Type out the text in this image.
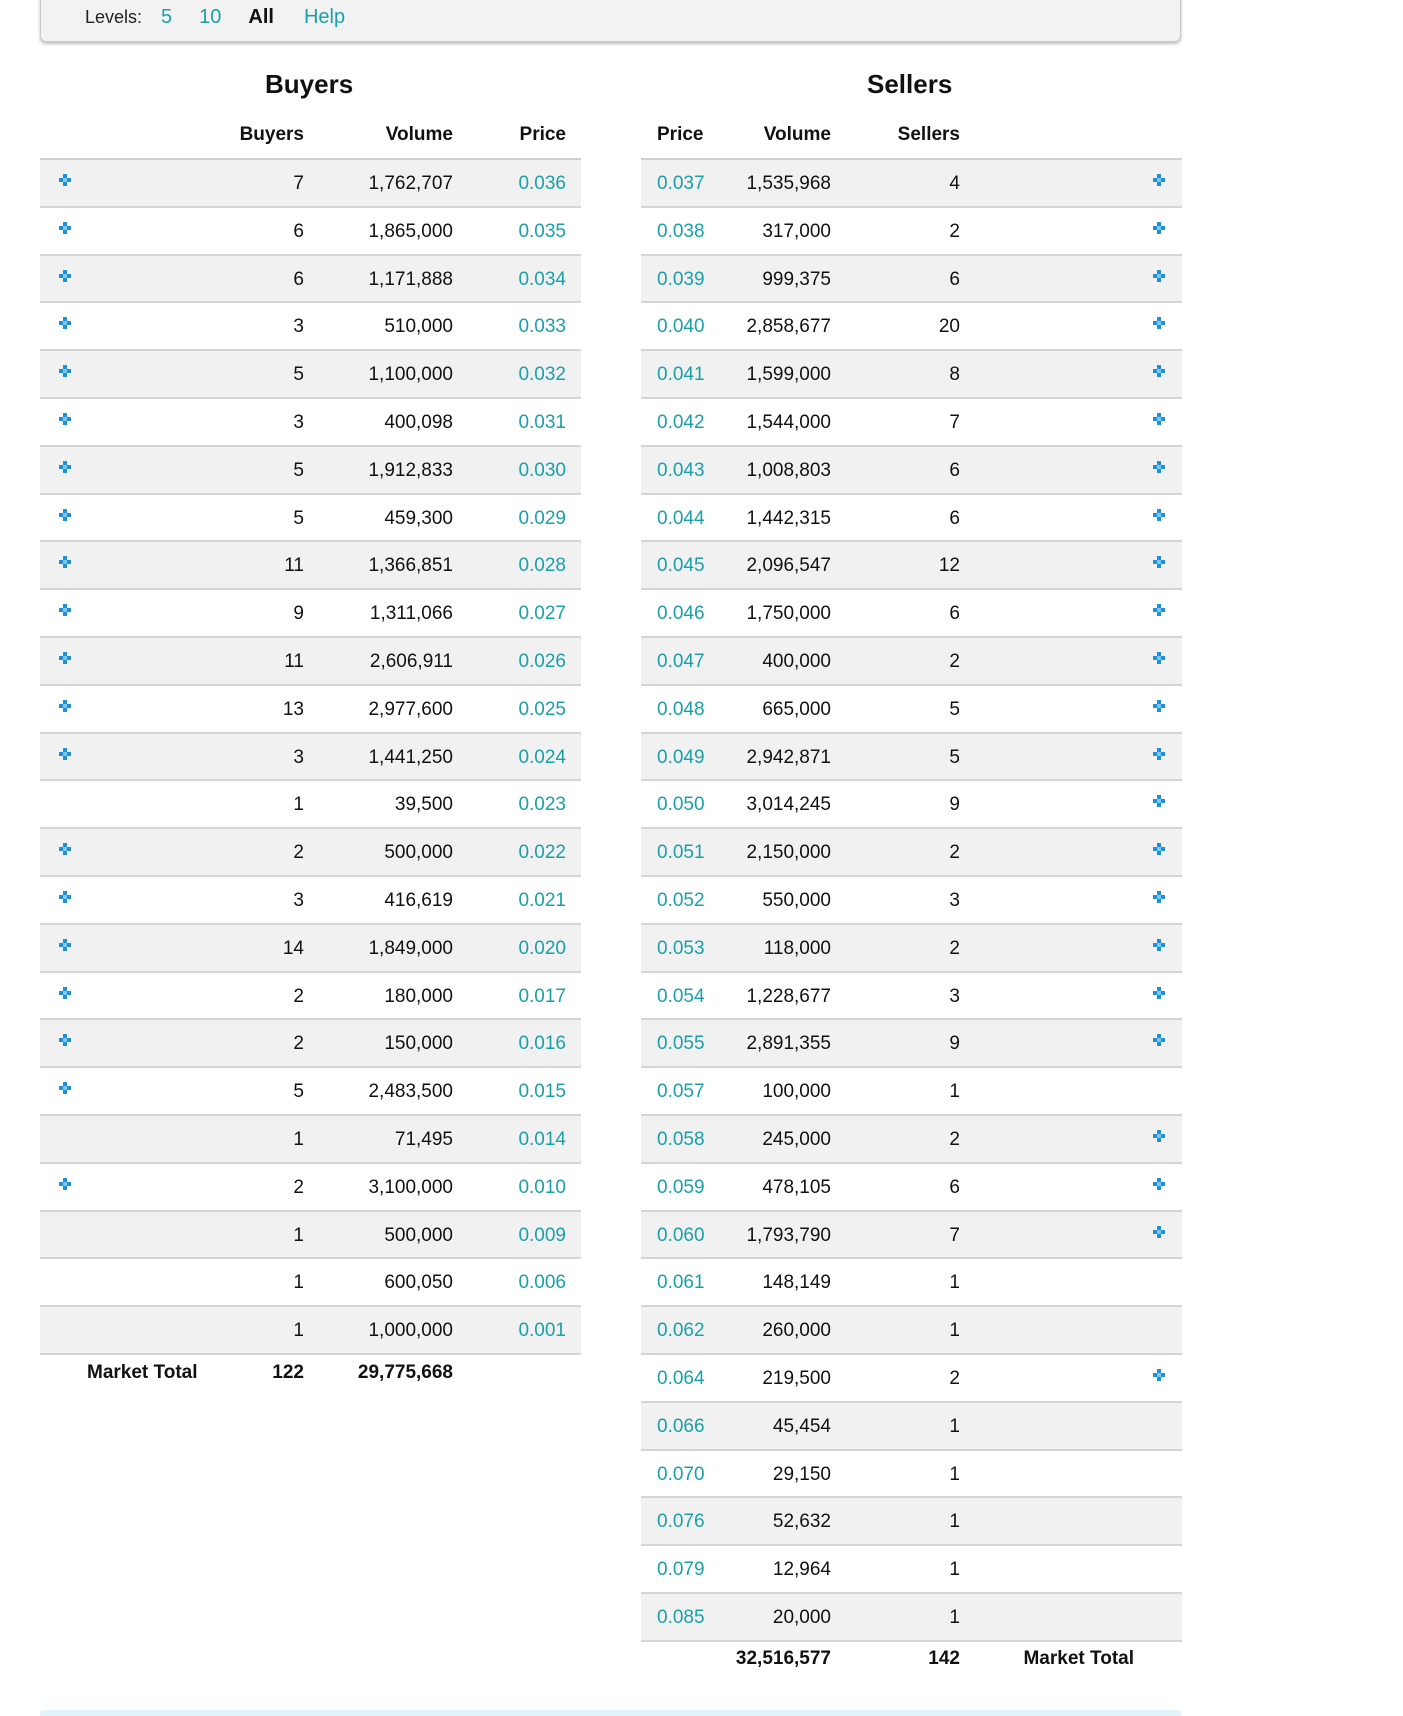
Levels: 5 10 All Help
Buyers
Buyers	Volume	Price
7	1,762,707	0.036
6	1,865,000	0.035
6	1,171,888	0.034
3	510,000	0.033
5	1,100,000	0.032
3	400,098	0.031
5	1,912,833	0.030
5	459,300	0.029
11	1,366,851	0.028
9	1,311,066	0.027
11	2,606,911	0.026
13	2,977,600	0.025
3	1,441,250	0.024
1	39,500	0.023
2	500,000	0.022
3	416,619	0.021
14	1,849,000	0.020
2	180,000	0.017
2	150,000	0.016
5	2,483,500	0.015
1	71,495	0.014
2	3,100,000	0.010
1	500,000	0.009
1	600,050	0.006
1	1,000,000	0.001
Market Total	122	29,775,668
Sellers
Price	Volume	Sellers
0.037 1,535,968	4
0.038	317,000	2
0.039	999,375	6
0.040 2,858,677	20
0.041 1,599,000	8
0.042 1,544,000	7
0.043 1,008,803	6
0.044 1,442,315	6
0.045 2,096,547	12
0.046 1,750,000	6
0.047	400,000	2
0.048	665,000	5
0.049 2,942,871	5
0.050 3,014,245	9
0.051 2,150,000	2
0.052	550,000	3
0.053	118,000	2
0.054 1,228,677	3
0.055 2,891,355	9
0.057	100,000	1
0.058	245,000	2
0.059	478,105	6
0.060 1,793,790	7
0.061	148,149	1
0.062	260,000	1
0.064	219,500	2
0.066	45,454	1
0.070	29,150	1
0.076	52,632	1
0.079	12,964	1
0.085	20,000	1
32,516,577	142	Market Total
